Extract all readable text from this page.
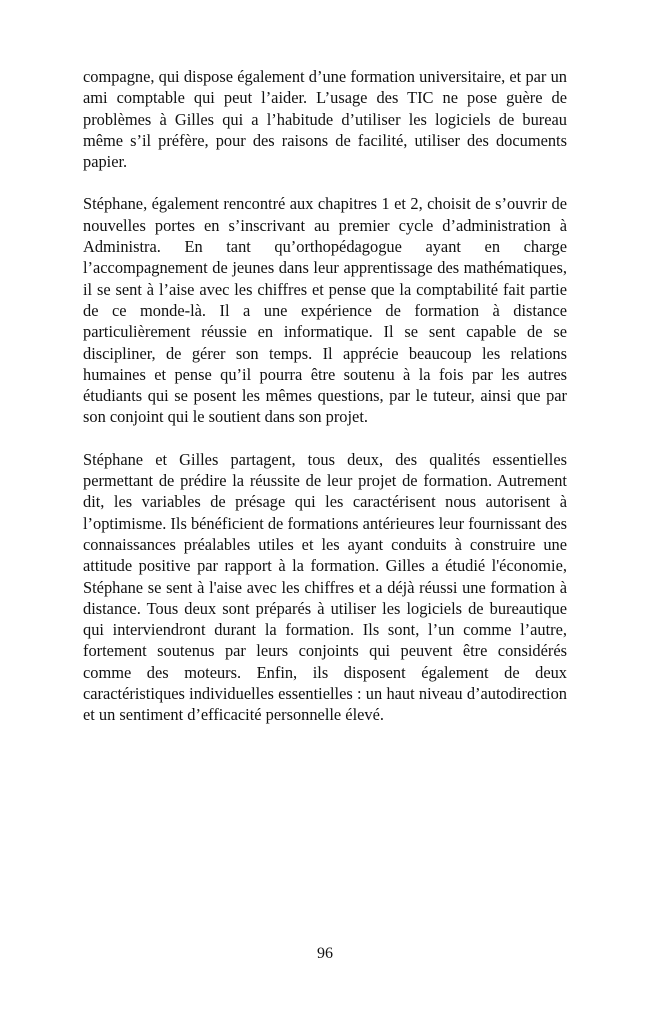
compagne, qui dispose également d’une formation universitaire, et par un ami comptable qui peut l’aider. L’usage des TIC ne pose guère de problèmes à Gilles qui a l’habitude d’utiliser les logiciels de bureau même s’il préfère, pour des raisons de facilité, utiliser des documents papier.

Stéphane, également rencontré aux chapitres 1 et 2, choisit de s’ouvrir de nouvelles portes en s’inscrivant au premier cycle d’administration à Administra. En tant qu’orthopédagogue ayant en charge l’accompagnement de jeunes dans leur apprentissage des mathématiques, il se sent à l’aise avec les chiffres et pense que la comptabilité fait partie de ce monde-là. Il a une expérience de formation à distance particulièrement réussie en informatique. Il se sent capable de se discipliner, de gérer son temps. Il apprécie beaucoup les relations humaines et pense qu’il pourra être soutenu à la fois par les autres étudiants qui se posent les mêmes questions, par le tuteur, ainsi que par son conjoint qui le soutient dans son projet.

Stéphane et Gilles partagent, tous deux, des qualités essentielles permettant de prédire la réussite de leur projet de formation. Autrement dit, les variables de présage qui les caractérisent nous autorisent à l’optimisme. Ils bénéficient de formations antérieures leur fournissant des connaissances préalables utiles et les ayant conduits à construire une attitude positive par rapport à la formation. Gilles a étudié l'économie, Stéphane se sent à l'aise avec les chiffres et a déjà réussi une formation à distance. Tous deux sont préparés à utiliser les logiciels de bureautique qui interviendront durant la formation. Ils sont, l’un comme l’autre, fortement soutenus par leurs conjoints qui peuvent être considérés comme des moteurs. Enfin, ils disposent également de deux caractéristiques individuelles essentielles : un haut niveau d’autodirection et un sentiment d’efficacité personnelle élevé.

96
